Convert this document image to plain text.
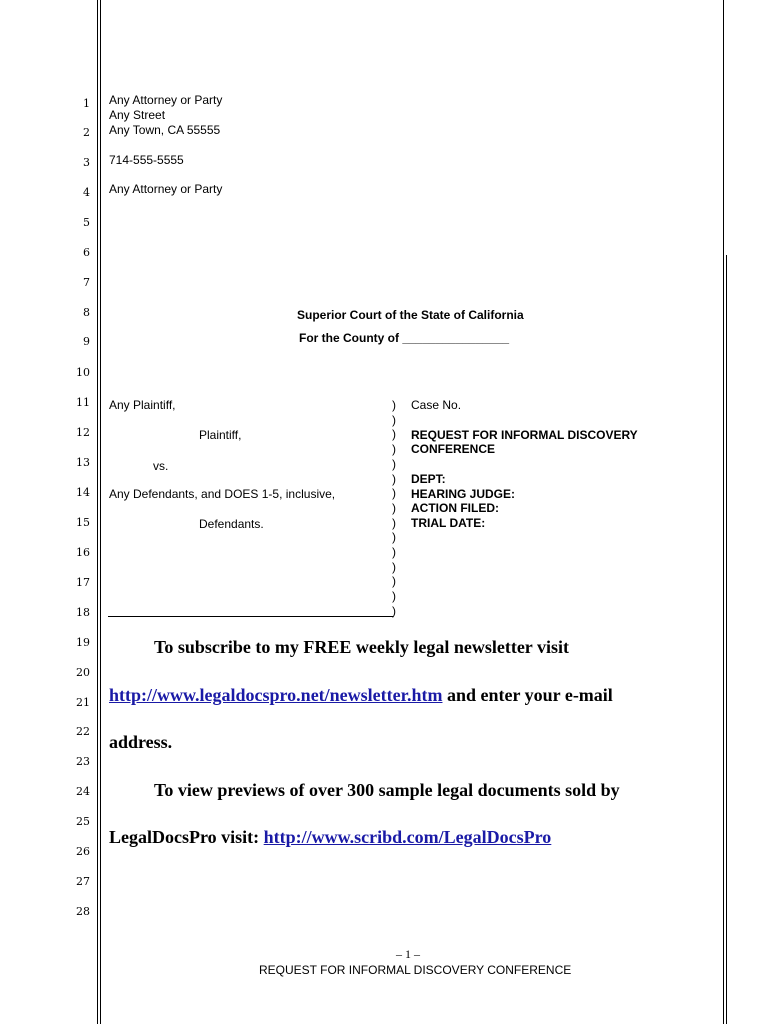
1
2
3
4
5
6
7
8
9
10
11
12
13
14
15
16
17
18
19
20
21
22
23
24
25
26
27
28
Any Attorney or Party
Any Street
Any Town, CA 55555
714-555-5555
Any Attorney or Party
Superior Court of the State of California
For the County of ________________
Any Plaintiff,
Plaintiff,
vs.
Any Defendants, and DOES 1-5, inclusive,
Defendants.
)
)
)
)
)
)
)
)
)
)
)
)
)
)
)
Case No.
REQUEST FOR INFORMAL DISCOVERY
CONFERENCE
DEPT:
HEARING JUDGE:
ACTION FILED:
TRIAL DATE:
To subscribe to my FREE weekly legal newsletter visit
http://www.legaldocspro.net/newsletter.htm and enter your e-mail
address.
To view previews of over 300 sample legal documents sold by
LegalDocsPro visit: http://www.scribd.com/LegalDocsPro
– 1 –
REQUEST FOR INFORMAL DISCOVERY CONFERENCE
